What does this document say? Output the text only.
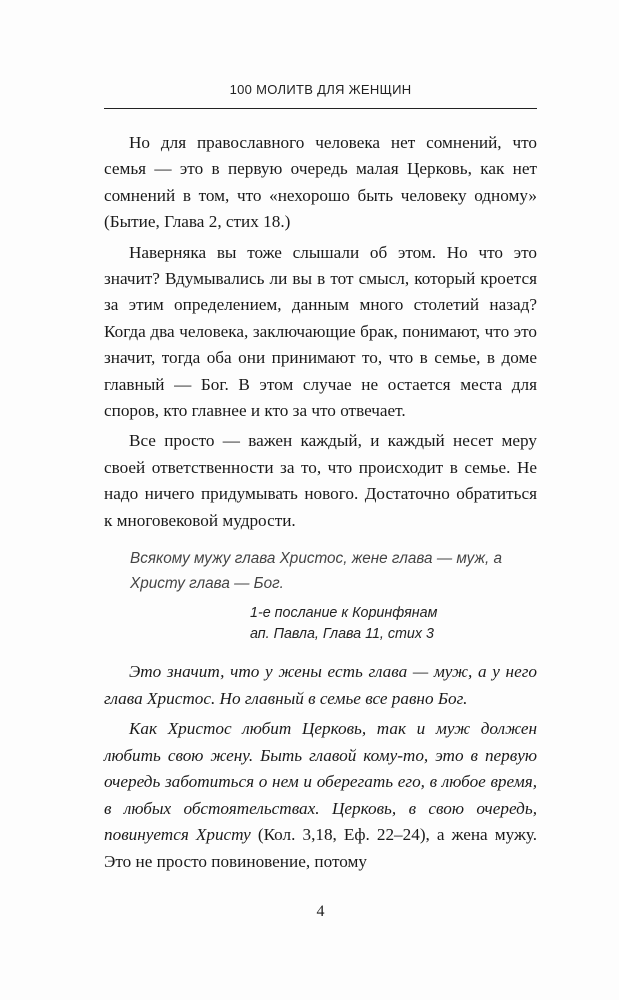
100 МОЛИТВ ДЛЯ ЖЕНЩИН

Но для православного человека нет сомнений, что семья — это в первую очередь малая Церковь, как нет сомнений в том, что «нехорошо быть человеку одному» (Бытие, Глава 2, стих 18.)

Наверняка вы тоже слышали об этом. Но что это значит? Вдумывались ли вы в тот смысл, который кроется за этим определением, данным много столетий назад? Когда два человека, заключающие брак, понимают, что это значит, тогда оба они принимают то, что в семье, в доме главный — Бог. В этом случае не остается места для споров, кто главнее и кто за что отвечает.

Все просто — важен каждый, и каждый несет меру своей ответственности за то, что происходит в семье. Не надо ничего придумывать нового. Достаточно обратиться к многовековой мудрости.

Всякому мужу глава Христос, жене глава — муж, а Христу глава — Бог.
1-е послание к Коринфянам
ап. Павла, Глава 11, стих 3

Это значит, что у жены есть глава — муж, а у него глава Христос. Но главный в семье все равно Бог.

Как Христос любит Церковь, так и муж должен любить свою жену. Быть главой кому-то, это в первую очередь заботиться о нем и оберегать его, в любое время, в любых обстоятельствах. Церковь, в свою очередь, повинуется Христу (Кол. 3,18, Еф. 22–24), а жена мужу. Это не просто повиновение, потому

4
